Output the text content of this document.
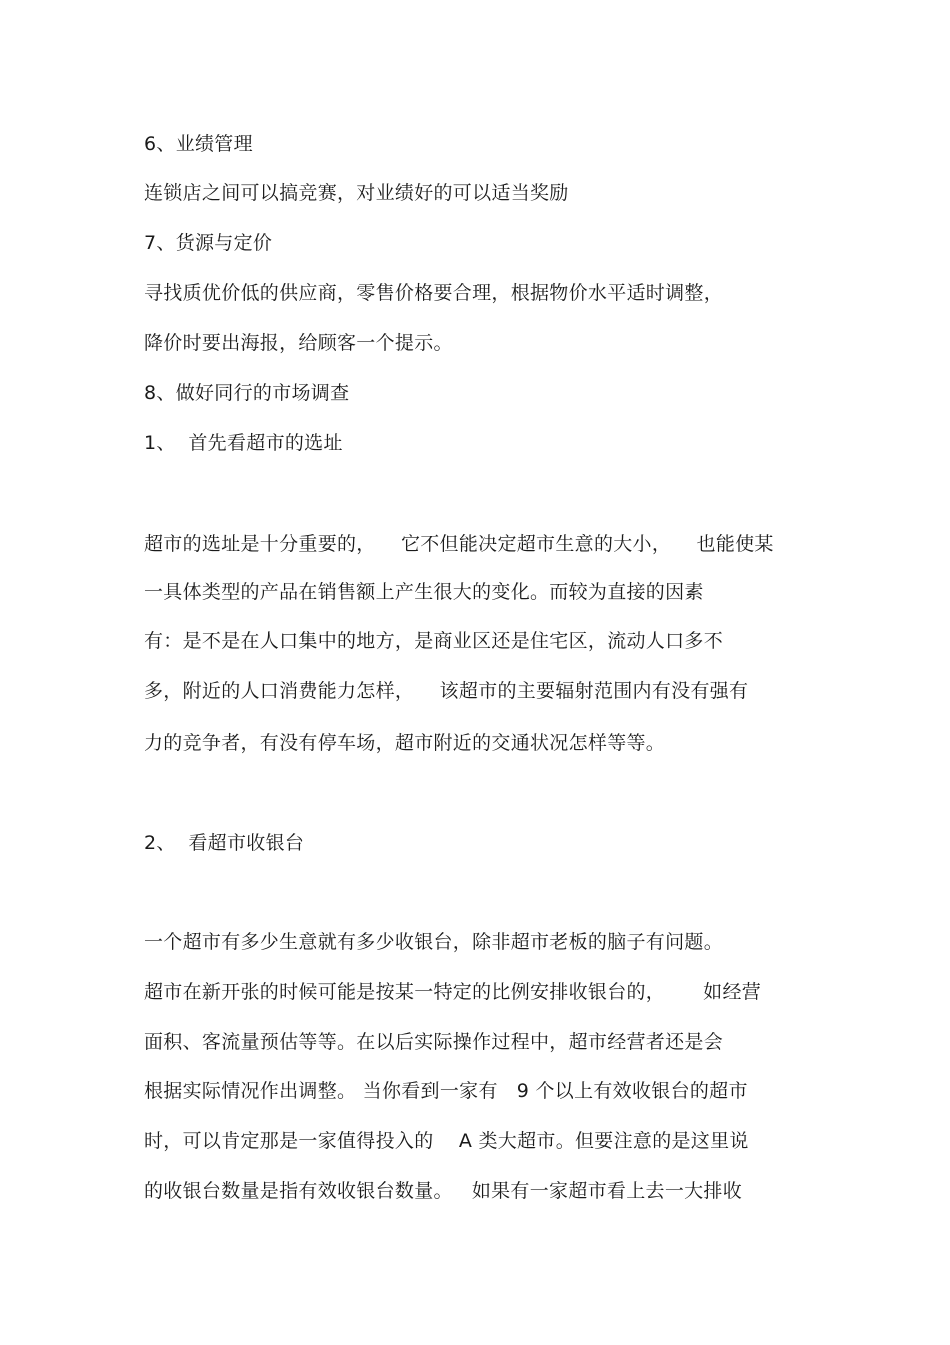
6、业绩管理
连锁店之间可以搞竞赛，对业绩好的可以适当奖励
7、货源与定价
寻找质优价低的供应商，零售价格要合理，根据物价水平适时调整，
降价时要出海报，给顾客一个提示。
8、做好同行的市场调查
1、  首先看超市的选址
超市的选址是十分重要的，    它不但能决定超市生意的大小，    也能使某
一具体类型的产品在销售额上产生很大的变化。而较为直接的因素
有：是不是在人口集中的地方，是商业区还是住宅区，流动人口多不
多，附近的人口消费能力怎样，    该超市的主要辐射范围内有没有强有
力的竞争者，有没有停车场，超市附近的交通状况怎样等等。
2、  看超市收银台
一个超市有多少生意就有多少收银台，除非超市老板的脑子有问题。
超市在新开张的时候可能是按某一特定的比例安排收银台的，      如经营
面积、客流量预估等等。在以后实际操作过程中，超市经营者还是会
根据实际情况作出调整。 当你看到一家有   9 个以上有效收银台的超市
时，可以肯定那是一家值得投入的    A 类大超市。但要注意的是这里说
的收银台数量是指有效收银台数量。   如果有一家超市看上去一大排收
